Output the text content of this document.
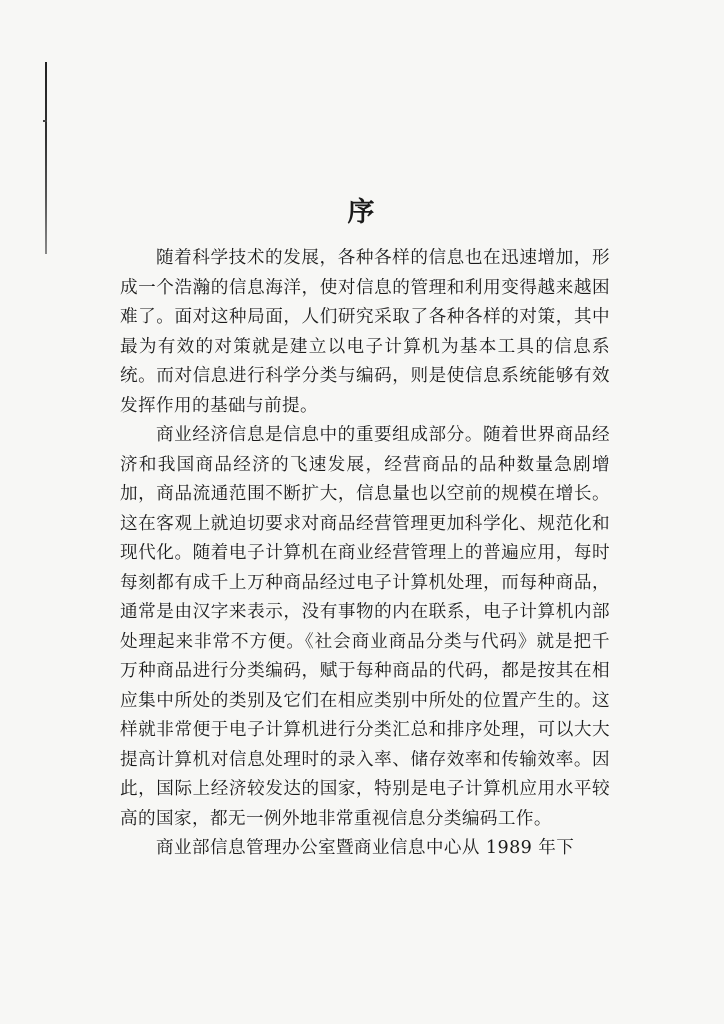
序

随着科学技术的发展，各种各样的信息也在迅速增加，形成一个浩瀚的信息海洋，使对信息的管理和利用变得越来越困难了。面对这种局面，人们研究采取了各种各样的对策，其中最为有效的对策就是建立以电子计算机为基本工具的信息系统。而对信息进行科学分类与编码，则是使信息系统能够有效发挥作用的基础与前提。

商业经济信息是信息中的重要组成部分。随着世界商品经济和我国商品经济的飞速发展，经营商品的品种数量急剧增加，商品流通范围不断扩大，信息量也以空前的规模在增长。这在客观上就迫切要求对商品经营管理更加科学化、规范化和现代化。随着电子计算机在商业经营管理上的普遍应用，每时每刻都有成千上万种商品经过电子计算机处理，而每种商品，通常是由汉字来表示，没有事物的内在联系，电子计算机内部处理起来非常不方便。《社会商业商品分类与代码》就是把千万种商品进行分类编码，赋于每种商品的代码，都是按其在相应集中所处的类别及它们在相应类别中所处的位置产生的。这样就非常便于电子计算机进行分类汇总和排序处理，可以大大提高计算机对信息处理时的录入率、储存效率和传输效率。因此，国际上经济较发达的国家，特别是电子计算机应用水平较高的国家，都无一例外地非常重视信息分类编码工作。

商业部信息管理办公室暨商业信息中心从 1989 年下
